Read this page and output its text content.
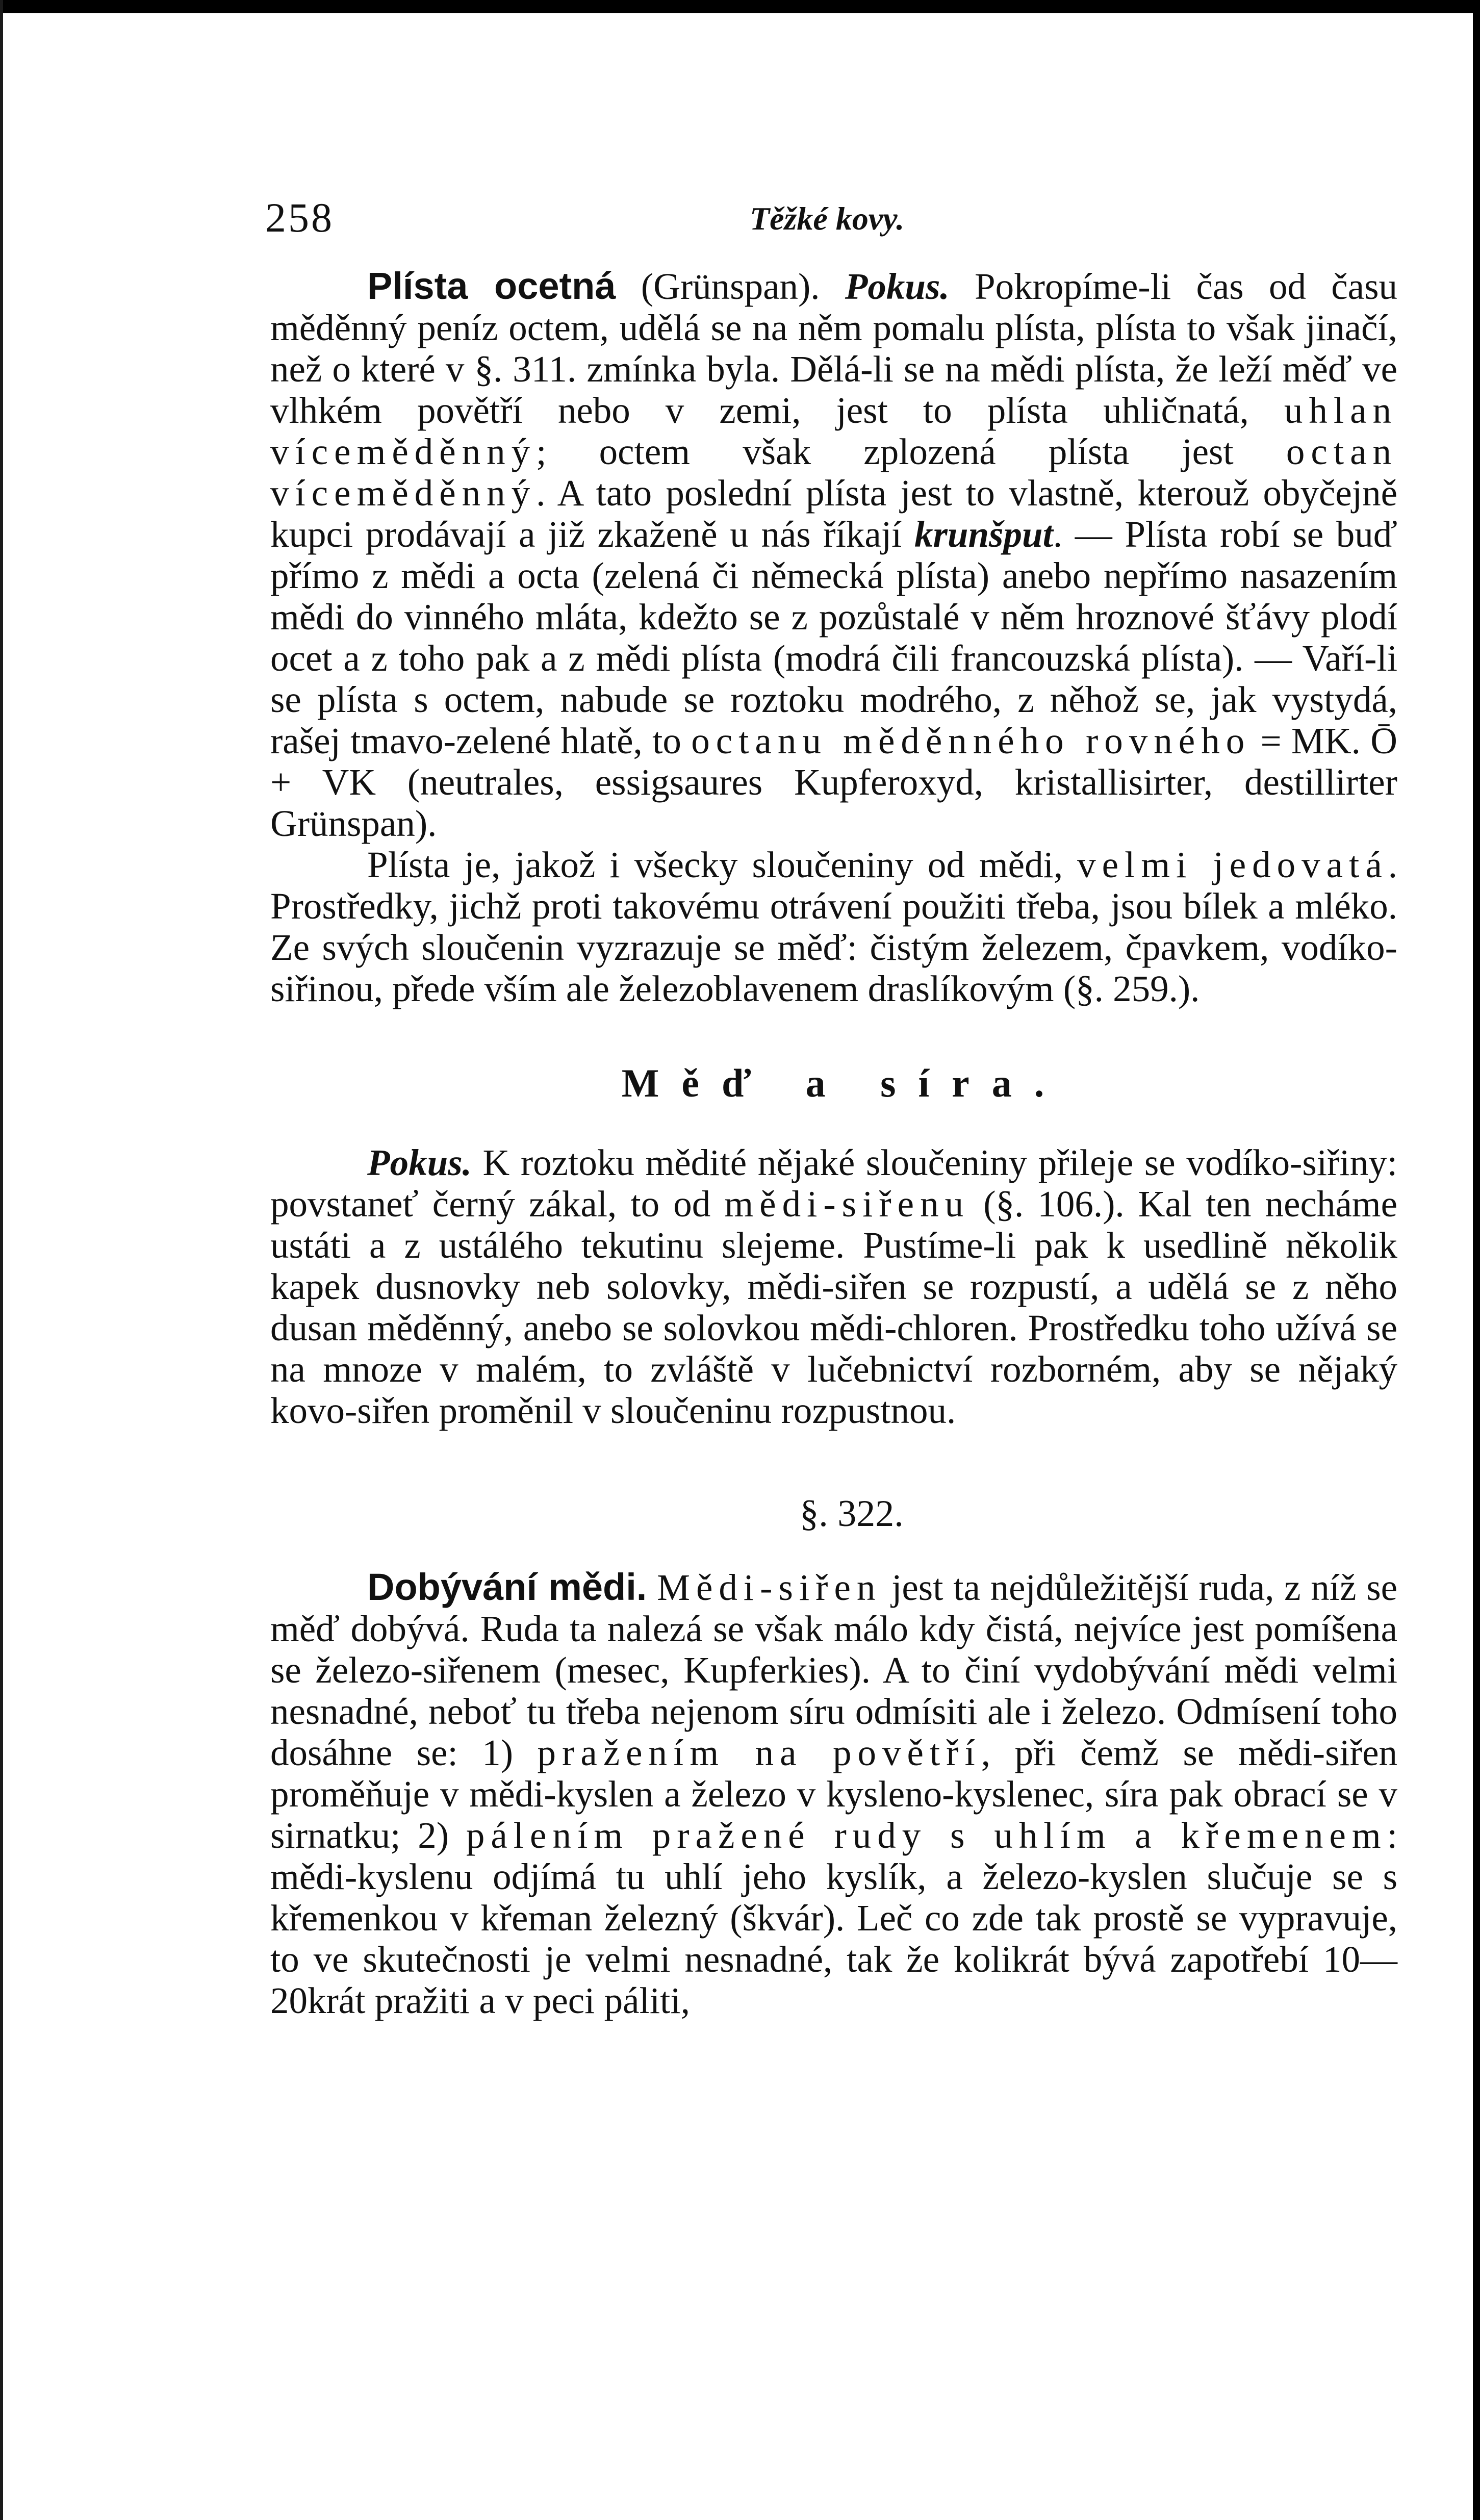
258	Těžké kovy.

Plísta ocetná (Grünspan). Pokus. Pokropíme-li čas od času měděnný peníz octem, udělá se na něm pomalu plísta, plísta to však jinačí, než o které v §. 311. zmínka byla. Dělá-li se na mědi plísta, že leží měď ve vlhkém povětří nebo v zemi, jest to plísta uhličnatá, uhlan víceměděnný; octem však zplozená plísta jest octan víceměděnný. A tato poslední plísta jest to vlastně, kterouž obyčejně kupci prodávají a již zkaženě u nás říkají krunšput. — Plísta robí se buď přímo z mědi a octa (zelená či německá plísta) anebo nepřímo nasazením mědi do vinného mláta, kdežto se z pozůstalé v něm hroznové šťávy plodí ocet a z toho pak a z mědi plísta (modrá čili francouzská plísta). — Vaří-li se plísta s octem, nabude se roztoku modrého, z něhož se, jak vystydá, rašej tmavo-zelené hlatě, to octanu měděnného rovného = MK. Ō + VK (neutrales, essigsaures Kupferoxyd, kristallisirter, destillirter Grünspan).

Plísta je, jakož i všecky sloučeniny od mědi, velmi jedovatá. Prostředky, jichž proti takovému otrávení použiti třeba, jsou bílek a mléko. Ze svých sloučenin vyzrazuje se měď: čistým železem, čpavkem, vodíko-siřinou, přede vším ale železoblavenem draslíkovým (§. 259.).

Měď a síra.

Pokus. K roztoku mědité nějaké sloučeniny přileje se vodíko-siřiny: povstaneť černý zákal, to od mědi-siřenu (§. 106.). Kal ten necháme ustáti a z ustálého tekutinu slejeme. Pustíme-li pak k usedlině několik kapek dusnovky neb solovky, mědi-siřen se rozpustí, a udělá se z něho dusan měděnný, anebo se solovkou mědi-chloren. Prostředku toho užívá se na mnoze v malém, to zvláště v lučebnictví rozborném, aby se nějaký kovo-siřen proměnil v sloučeninu rozpustnou.

§. 322.

Dobývání mědi. Mědi-siřen jest ta nejdůležitější ruda, z níž se měď dobývá. Ruda ta nalezá se však málo kdy čistá, nejvíce jest pomíšena se železo-siřenem (mesec, Kupferkies). A to činí vydobývání mědi velmi nesnadné, neboť tu třeba nejenom síru odmísiti ale i železo. Odmísení toho dosáhne se: 1) pražením na povětří, při čemž se mědi-siřen proměňuje v mědi-kyslen a železo v kysleno-kyslenec, síra pak obrací se v sirnatku; 2) pálením pražené rudy s uhlím a křemenem: mědi-kyslenu odjímá tu uhlí jeho kyslík, a železo-kyslen slučuje se s křemenkou v křeman železný (škvár). Leč co zde tak prostě se vypravuje, to ve skutečnosti je velmi nesnadné, tak že kolikrát bývá zapotřebí 10—20krát pražiti a v peci páliti,
